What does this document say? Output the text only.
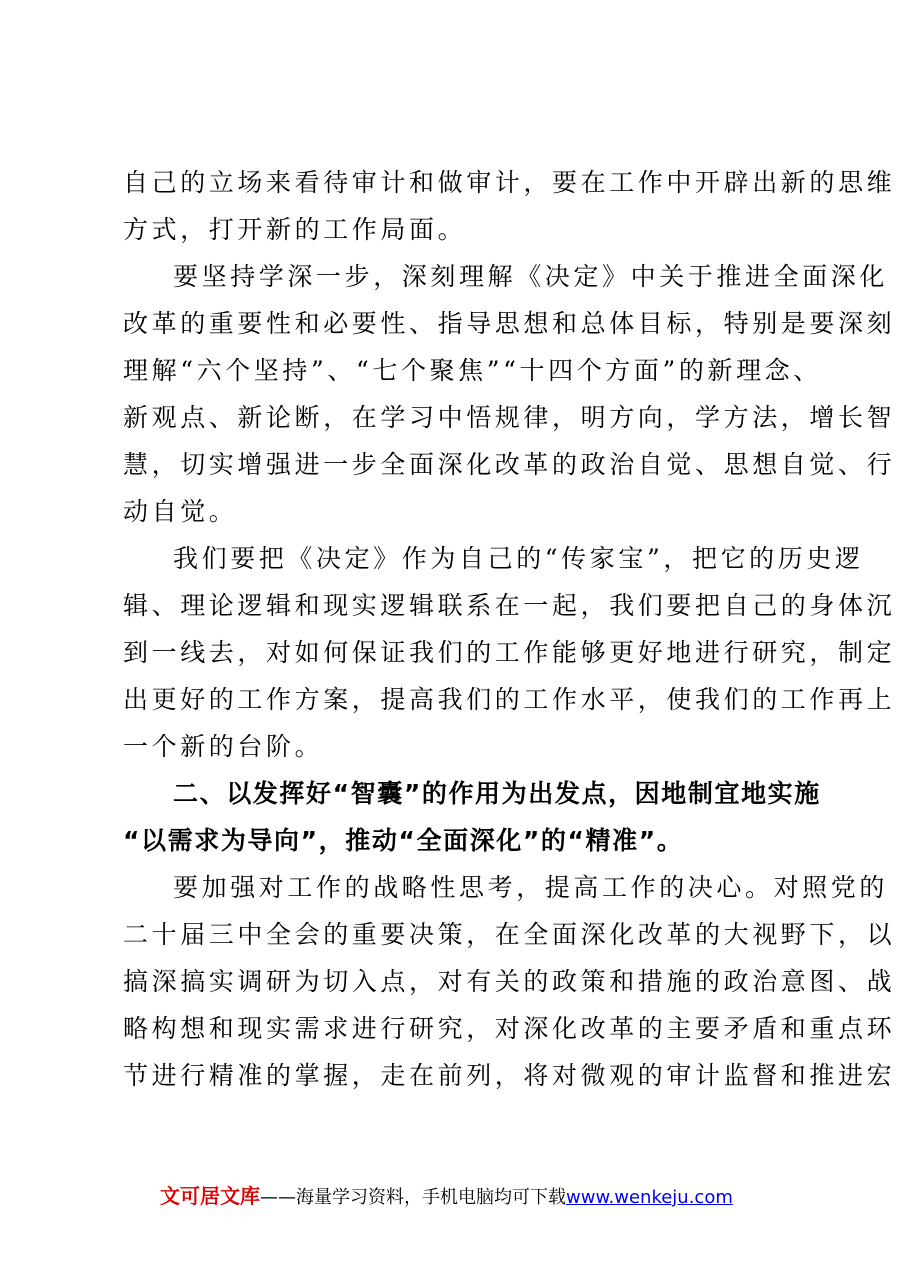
自己的立场来看待审计和做审计，要在工作中开辟出新的思维
方式，打开新的工作局面。
要坚持学深一步，深刻理解《决定》中关于推进全面深化
改革的重要性和必要性、指导思想和总体目标，特别是要深刻
理解“六个坚持”、“七个聚焦”“十四个方面”的新理念、
新观点、新论断，在学习中悟规律，明方向，学方法，增长智
慧，切实增强进一步全面深化改革的政治自觉、思想自觉、行
动自觉。
我们要把《决定》作为自己的“传家宝”，把它的历史逻
辑、理论逻辑和现实逻辑联系在一起，我们要把自己的身体沉
到一线去，对如何保证我们的工作能够更好地进行研究，制定
出更好的工作方案，提高我们的工作水平，使我们的工作再上
一个新的台阶。
二、以发挥好“智囊”的作用为出发点，因地制宜地实施
“以需求为导向”，推动“全面深化”的“精准”。
要加强对工作的战略性思考，提高工作的决心。对照党的
二十届三中全会的重要决策，在全面深化改革的大视野下，以
搞深搞实调研为切入点，对有关的政策和措施的政治意图、战
略构想和现实需求进行研究，对深化改革的主要矛盾和重点环
节进行精准的掌握，走在前列，将对微观的审计监督和推进宏
文可居文库——海量学习资料，手机电脑均可下载www.wenkeju.com
